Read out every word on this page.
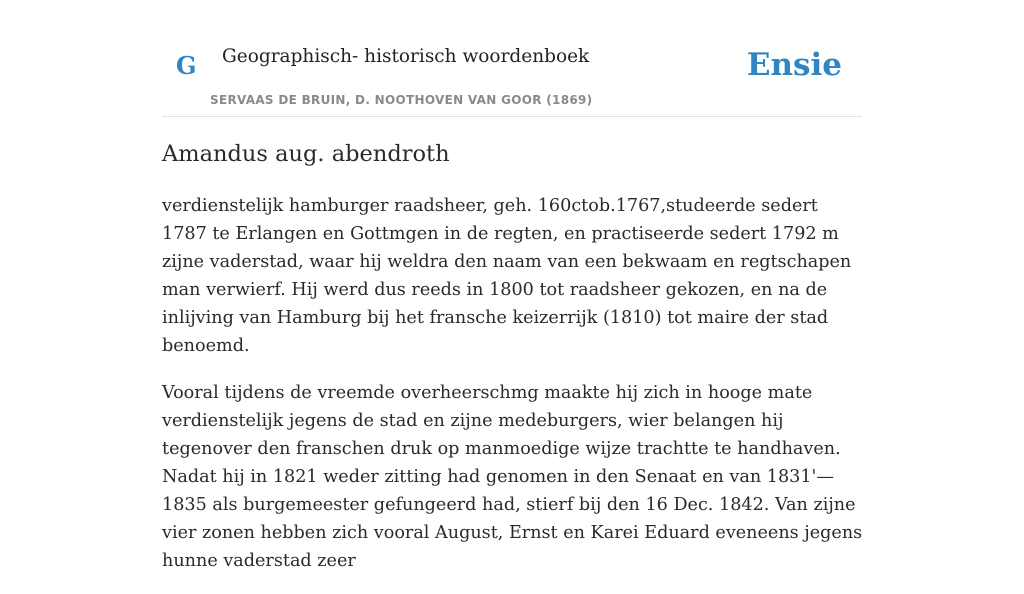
G Geographisch- historisch woordenboek
SERVAAS DE BRUIN, D. NOOTHOVEN VAN GOOR (1869)
Ensie
Amandus aug. abendroth

verdienstelijk hamburger raadsheer, geh. 160ctob.1767,studeerde sedert 1787 te Erlangen en Gottmgen in de regten, en practiseerde sedert 1792 m zijne vaderstad, waar hij weldra den naam van een bekwaam en regtschapen man verwierf. Hij werd dus reeds in 1800 tot raadsheer gekozen, en na de inlijving van Hamburg bij het fransche keizerrijk (1810) tot maire der stad benoemd.

Vooral tijdens de vreemde overheerschmg maakte hij zich in hooge mate verdienstelijk jegens de stad en zijne medeburgers, wier belangen hij tegenover den franschen druk op manmoedige wijze trachtte te handhaven. Nadat hij in 1821 weder zitting had genomen in den Senaat en van 1831'—1835 als burgemeester gefungeerd had, stierf bij den 16 Dec. 1842. Van zijne vier zonen hebben zich vooral August, Ernst en Karei Eduard eveneens jegens hunne vaderstad zeer
